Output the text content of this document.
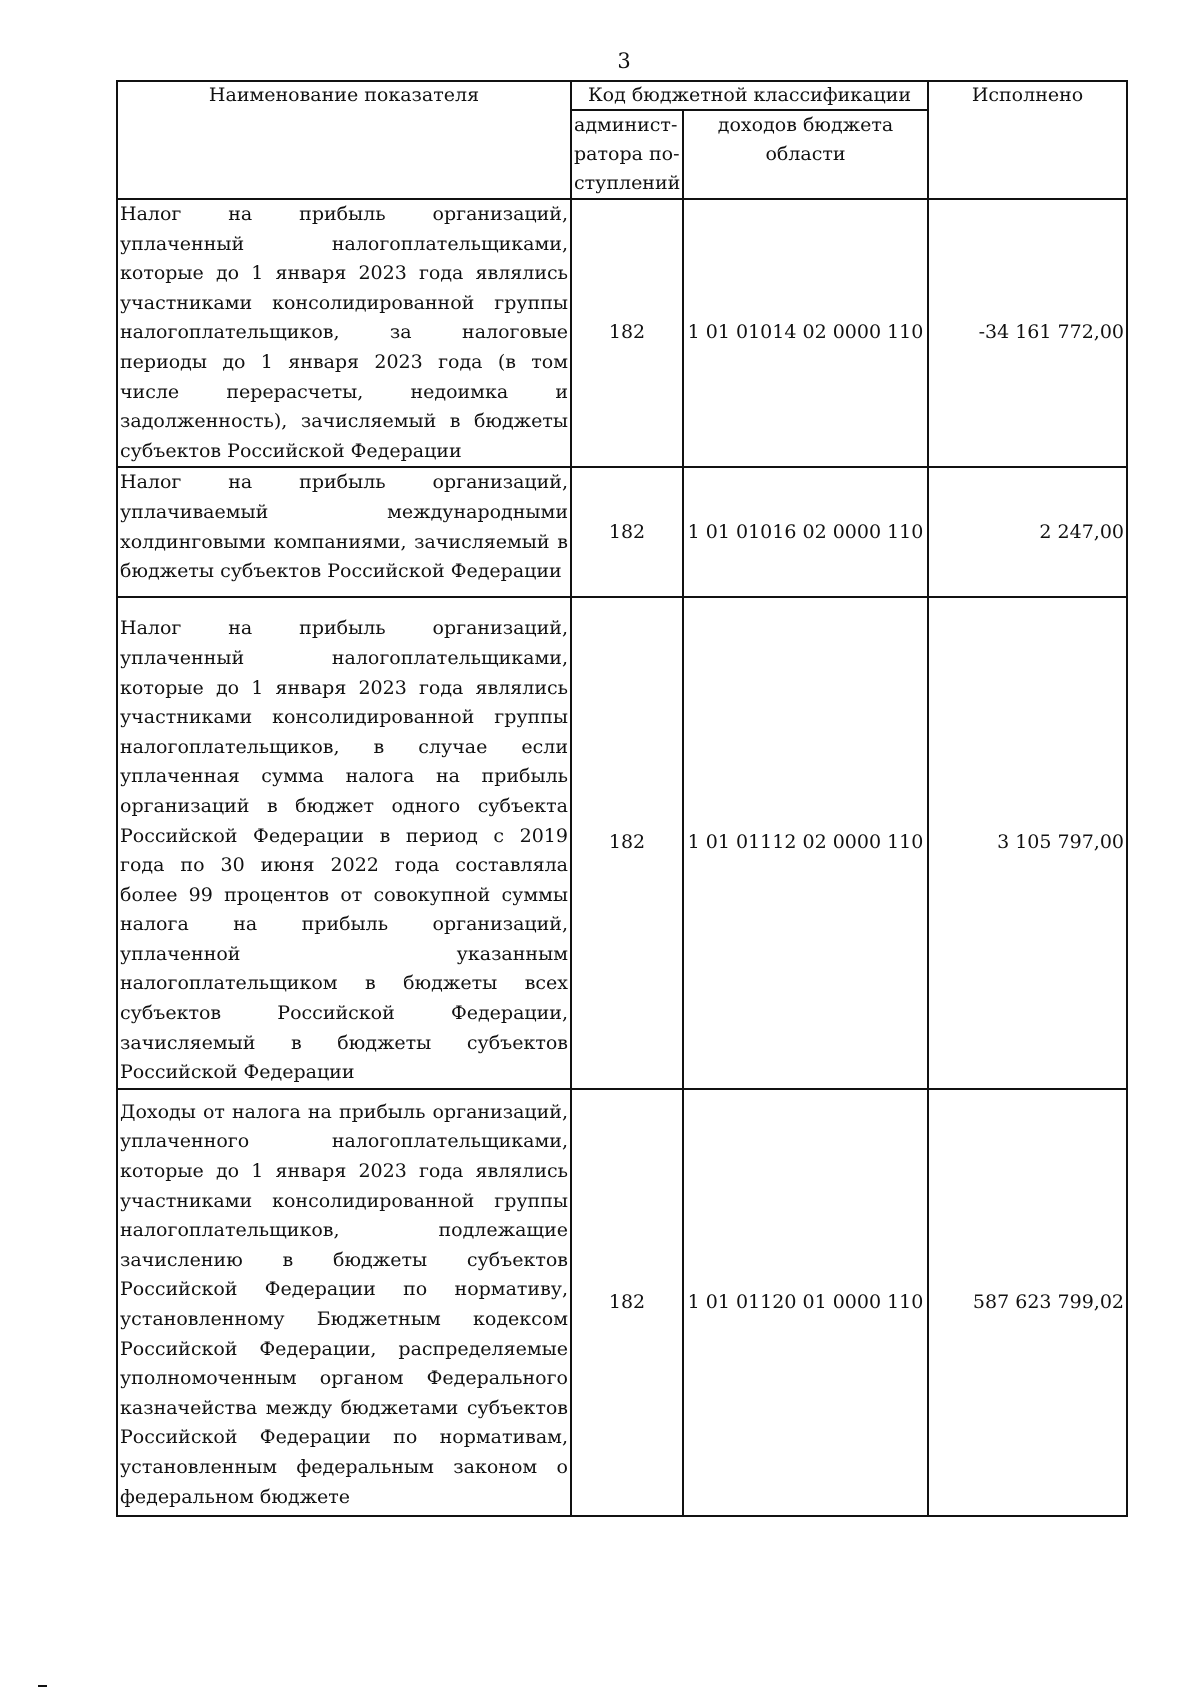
3
Наименование показателя	Код бюджетной классификации		Исполнено
	админист-ратора по-ступлений	доходов бюджета области	
Налог на прибыль организаций, уплаченный налогоплательщиками, которые до 1 января 2023 года являлись участниками консолидированной группы налогоплательщиков, за налоговые периоды до 1 января 2023 года (в том числе перерасчеты, недоимка и задолженность), зачисляемый в бюджеты субъектов Российской Федерации	182	1 01 01014 02 0000 110	-34 161 772,00
Налог на прибыль организаций, уплачиваемый международными холдинговыми компаниями, зачисляемый в бюджеты субъектов Российской Федерации	182	1 01 01016 02 0000 110	2 247,00
Налог на прибыль организаций, уплаченный налогоплательщиками, которые до 1 января 2023 года являлись участниками консолидированной группы налогоплательщиков, в случае если уплаченная сумма налога на прибыль организаций в бюджет одного субъекта Российской Федерации в период с 2019 года по 30 июня 2022 года составляла более 99 процентов от совокупной суммы налога на прибыль организаций, уплаченной указанным налогоплательщиком в бюджеты всех субъектов Российской Федерации, зачисляемый в бюджеты субъектов Российской Федерации	182	1 01 01112 02 0000 110	3 105 797,00
Доходы от налога на прибыль организаций, уплаченного налогоплательщиками, которые до 1 января 2023 года являлись участниками консолидированной группы налогоплательщиков, подлежащие зачислению в бюджеты субъектов Российской Федерации по нормативу, установленному Бюджетным кодексом Российской Федерации, распределяемые уполномоченным органом Федерального казначейства между бюджетами субъектов Российской Федерации по нормативам, установленным федеральным законом о федеральном бюджете	182	1 01 01120 01 0000 110	587 623 799,02
